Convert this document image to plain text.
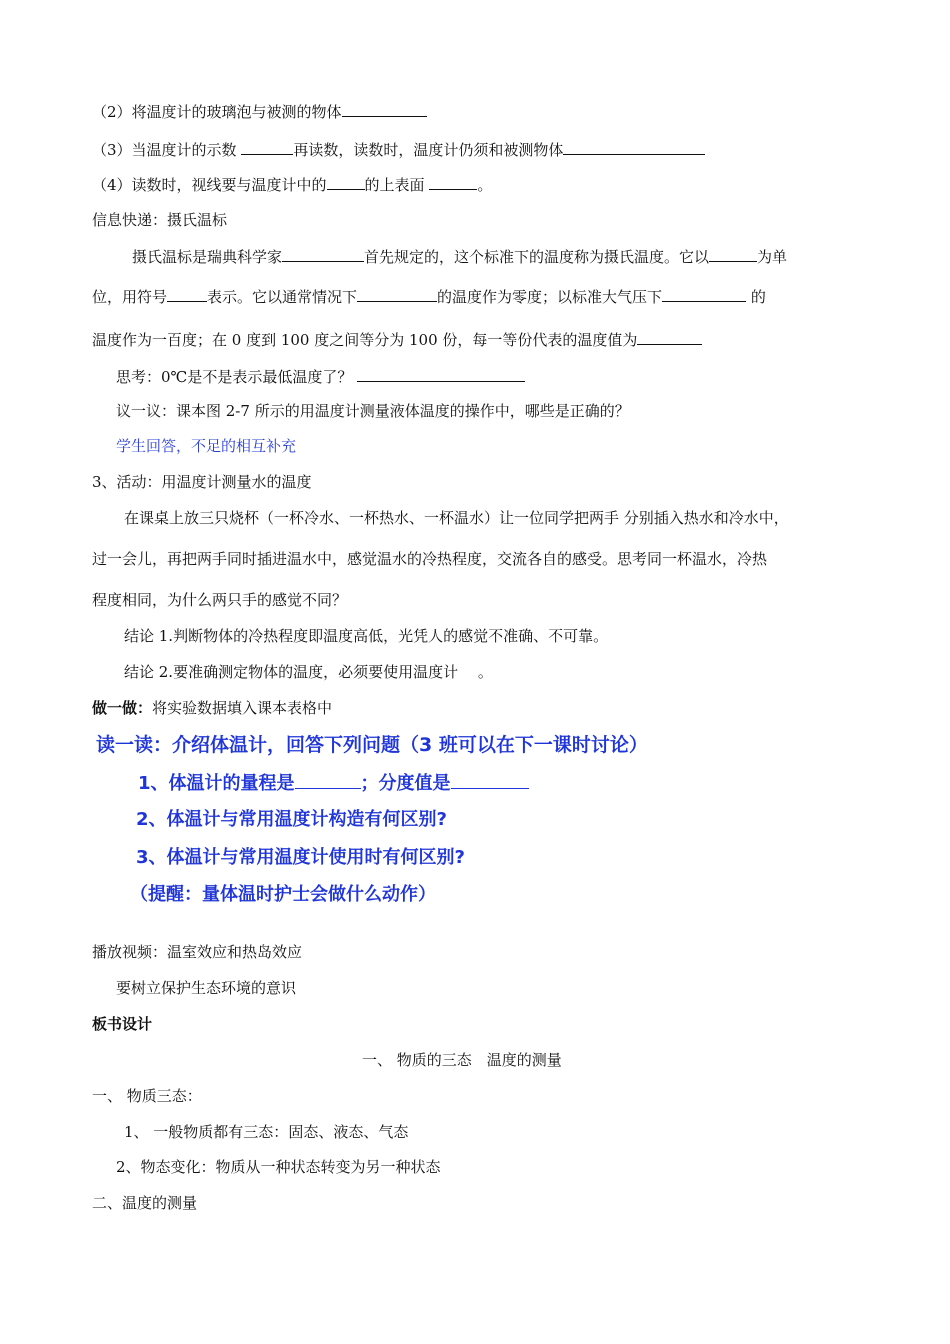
（2）将温度计的玻璃泡与被测的物体
（3）当温度计的示数	再读数，读数时，温度计仍须和被测物体
（4）读数时，视线要与温度计中的	的上表面	。
信息快递：摄氏温标
摄氏温标是瑞典科学家	首先规定的，这个标准下的温度称为摄氏温度。它以	为单
位，用符号	表示。它以通常情况下	的温度作为零度；以标准大气压下	的
温度作为一百度；在 0 度到 100 度之间等分为 100 份，每一等份代表的温度值为
思考：0℃是不是表示最低温度了？
议一议：课本图 2-7 所示的用温度计测量液体温度的操作中，哪些是正确的？
学生回答，不足的相互补充
3、活动：用温度计测量水的温度
在课桌上放三只烧杯（一杯冷水、一杯热水、一杯温水）让一位同学把两手 分别插入热水和冷水中，
过一会儿，再把两手同时插进温水中，感觉温水的冷热程度，交流各自的感受。思考同一杯温水，冷热
程度相同，为什么两只手的感觉不同？
结论 1.判断物体的冷热程度即温度高低，光凭人的感觉不准确、不可靠。
结论 2.要准确测定物体的温度，必须要使用温度计 　。
做一做：将实验数据填入课本表格中
读一读：介绍体温计，回答下列问题（3 班可以在下一课时讨论）
1、体温计的量程是	；分度值是
2、体温计与常用温度计构造有何区别?
3、体温计与常用温度计使用时有何区别?
（提醒：量体温时护士会做什么动作）
播放视频：温室效应和热岛效应
要树立保护生态环境的意识
板书设计
一、 物质的三态　温度的测量
一、 物质三态：
1、 一般物质都有三态：固态、液态、气态
2、物态变化：物质从一种状态转变为另一种状态
二、温度的测量
